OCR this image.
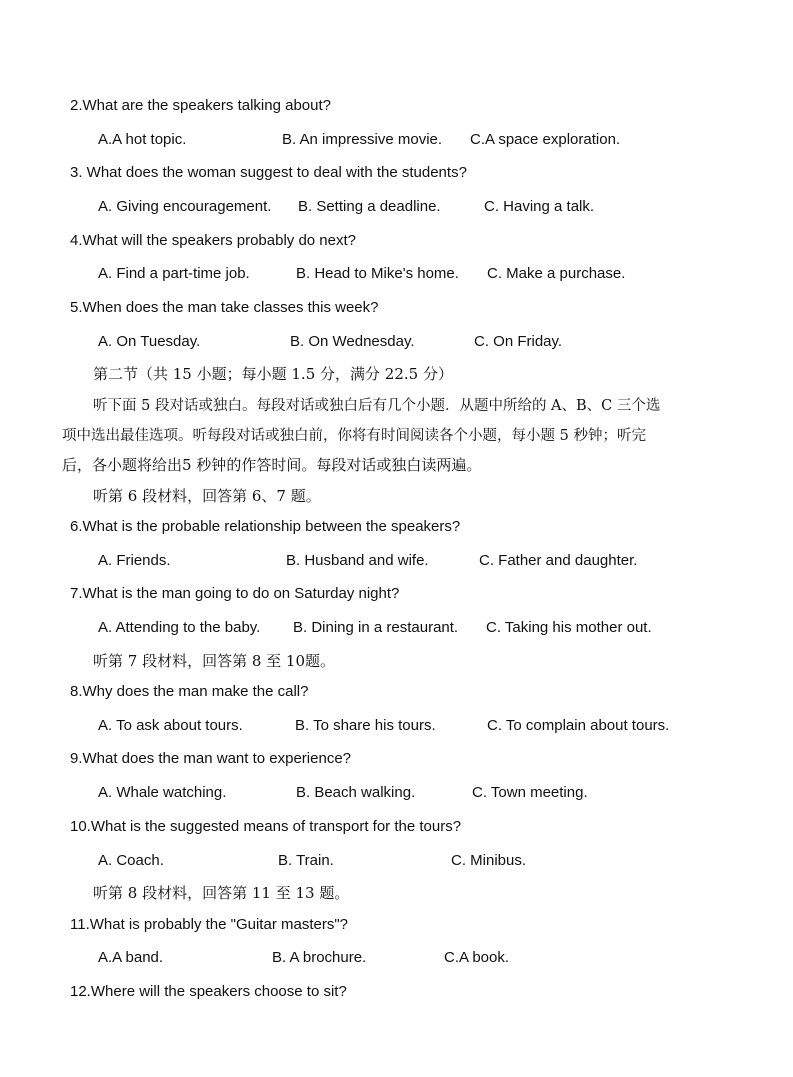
2.What are the speakers talking about?
A.A hot topic.	B. An impressive movie. C.A space exploration.
3. What does the woman suggest to deal with the students?
A. Giving encouragement. B. Setting a deadline.	C. Having a talk.
4.What will the speakers probably do next?
A. Find a part-time job.	B. Head to Mike's home. C. Make a purchase.
5.When does the man take classes this week?
A. On Tuesday.	B. On Wednesday.	C. On Friday.
第二节（共 15 小题；每小题 1.5 分，满分 22.5 分）
听下面 5 段对话或独白。每段对话或独白后有几个小题．从题中所给的 A、B、C 三个选
项中选出最佳选项。听每段对话或独白前，你将有时间阅读各个小题，每小题 5 秒钟；听完
后，各小题将给出5 秒钟的作答时间。每段对话或独白读两遍。
听第 6 段材料，回答第 6、7 题。
6.What is the probable relationship between the speakers?
A. Friends.	B. Husband and wife.	C. Father and daughter.
7.What is the man going to do on Saturday night?
A. Attending to the baby. B. Dining in a restaurant. C. Taking his mother out.
听第 7 段材料，回答第 8 至 10题。
8.Why does the man make the call?
A. To ask about tours.	B. To share his tours.	C. To complain about tours.
9.What does the man want to experience?
A. Whale watching.	B. Beach walking.	C. Town meeting.
10.What is the suggested means of transport for the tours?
A. Coach.	B. Train.	C. Minibus.
听第 8 段材料，回答第 11 至 13 题。
11.What is probably the "Guitar masters"?
A.A band.	B. A brochure.	C.A book.
12.Where will the speakers choose to sit?
